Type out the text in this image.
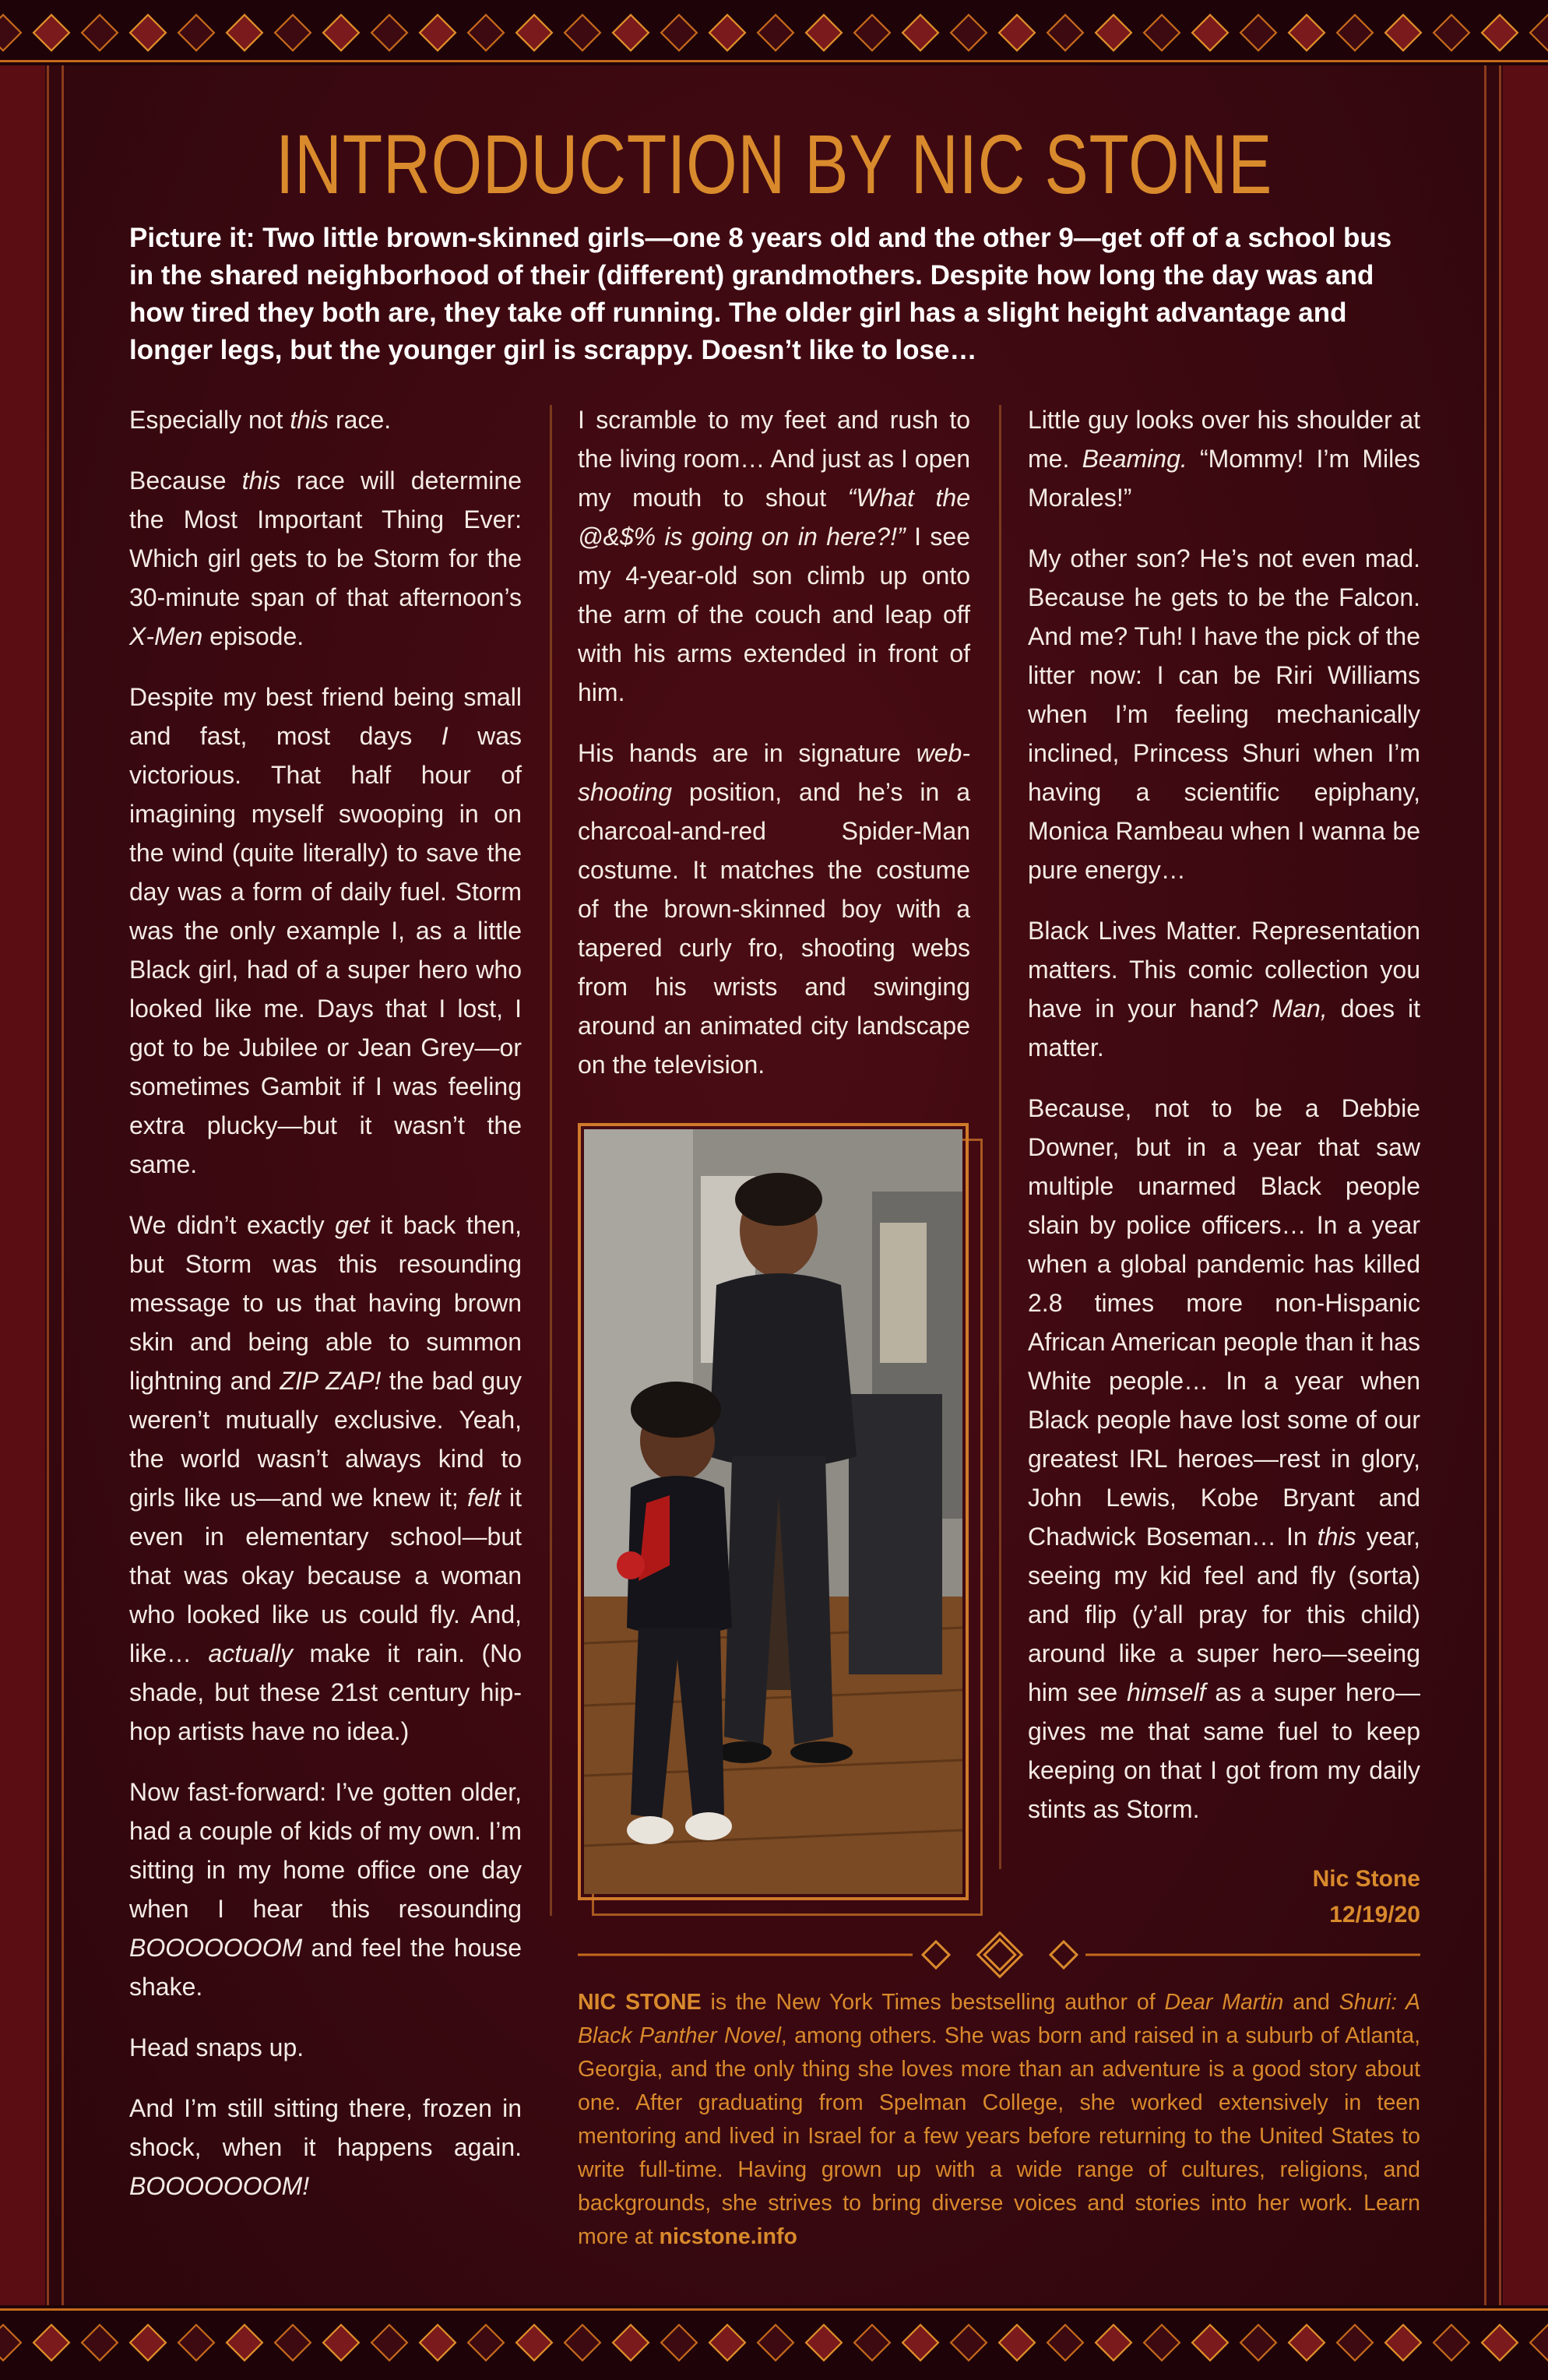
INTRODUCTION BY NIC STONE

Picture it: Two little brown-skinned girls—one 8 years old and the other 9—get off of a school bus in the shared neighborhood of their (different) grandmothers. Despite how long the day was and how tired they both are, they take off running. The older girl has a slight height advantage and longer legs, but the younger girl is scrappy. Doesn’t like to lose…

Especially not this race.

Because this race will determine the Most Important Thing Ever: Which girl gets to be Storm for the 30-minute span of that afternoon’s X-Men episode.

Despite my best friend being small and fast, most days I was victorious. That half hour of imagining myself swooping in on the wind (quite literally) to save the day was a form of daily fuel. Storm was the only example I, as a little Black girl, had of a super hero who looked like me. Days that I lost, I got to be Jubilee or Jean Grey—or sometimes Gambit if I was feeling extra plucky—but it wasn’t the same.

We didn’t exactly get it back then, but Storm was this resounding message to us that having brown skin and being able to summon lightning and ZIP ZAP! the bad guy weren’t mutually exclusive. Yeah, the world wasn’t always kind to girls like us—and we knew it; felt it even in elementary school—but that was okay because a woman who looked like us could fly. And, like… actually make it rain. (No shade, but these 21st century hip-hop artists have no idea.)

Now fast-forward: I’ve gotten older, had a couple of kids of my own. I’m sitting in my home office one day when I hear this resounding BOOOOOOOM and feel the house shake.

Head snaps up.

And I’m still sitting there, frozen in shock, when it happens again. BOOOOOOOM!

I scramble to my feet and rush to the living room… And just as I open my mouth to shout “What the @&$% is going on in here?!” I see my 4-year-old son climb up onto the arm of the couch and leap off with his arms extended in front of him.

His hands are in signature web-shooting position, and he’s in a charcoal-and-red Spider-Man costume. It matches the costume of the brown-skinned boy with a tapered curly fro, shooting webs from his wrists and swinging around an animated city landscape on the television.

Little guy looks over his shoulder at me. Beaming. “Mommy! I’m Miles Morales!”

My other son? He’s not even mad. Because he gets to be the Falcon. And me? Tuh! I have the pick of the litter now: I can be Riri Williams when I’m feeling mechanically inclined, Princess Shuri when I’m having a scientific epiphany, Monica Rambeau when I wanna be pure energy…

Black Lives Matter. Representation matters. This comic collection you have in your hand? Man, does it matter.

Because, not to be a Debbie Downer, but in a year that saw multiple unarmed Black people slain by police officers… In a year when a global pandemic has killed 2.8 times more non-Hispanic African American people than it has White people… In a year when Black people have lost some of our greatest IRL heroes—rest in glory, John Lewis, Kobe Bryant and Chadwick Boseman… In this year, seeing my kid feel and fly (sorta) and flip (y’all pray for this child) around like a super hero—seeing him see himself as a super hero—gives me that same fuel to keep keeping on that I got from my daily stints as Storm.

Nic Stone
12/19/20

NIC STONE is the New York Times bestselling author of Dear Martin and Shuri: A Black Panther Novel, among others. She was born and raised in a suburb of Atlanta, Georgia, and the only thing she loves more than an adventure is a good story about one. After graduating from Spelman College, she worked extensively in teen mentoring and lived in Israel for a few years before returning to the United States to write full-time. Having grown up with a wide range of cultures, religions, and backgrounds, she strives to bring diverse voices and stories into her work. Learn more at nicstone.info
